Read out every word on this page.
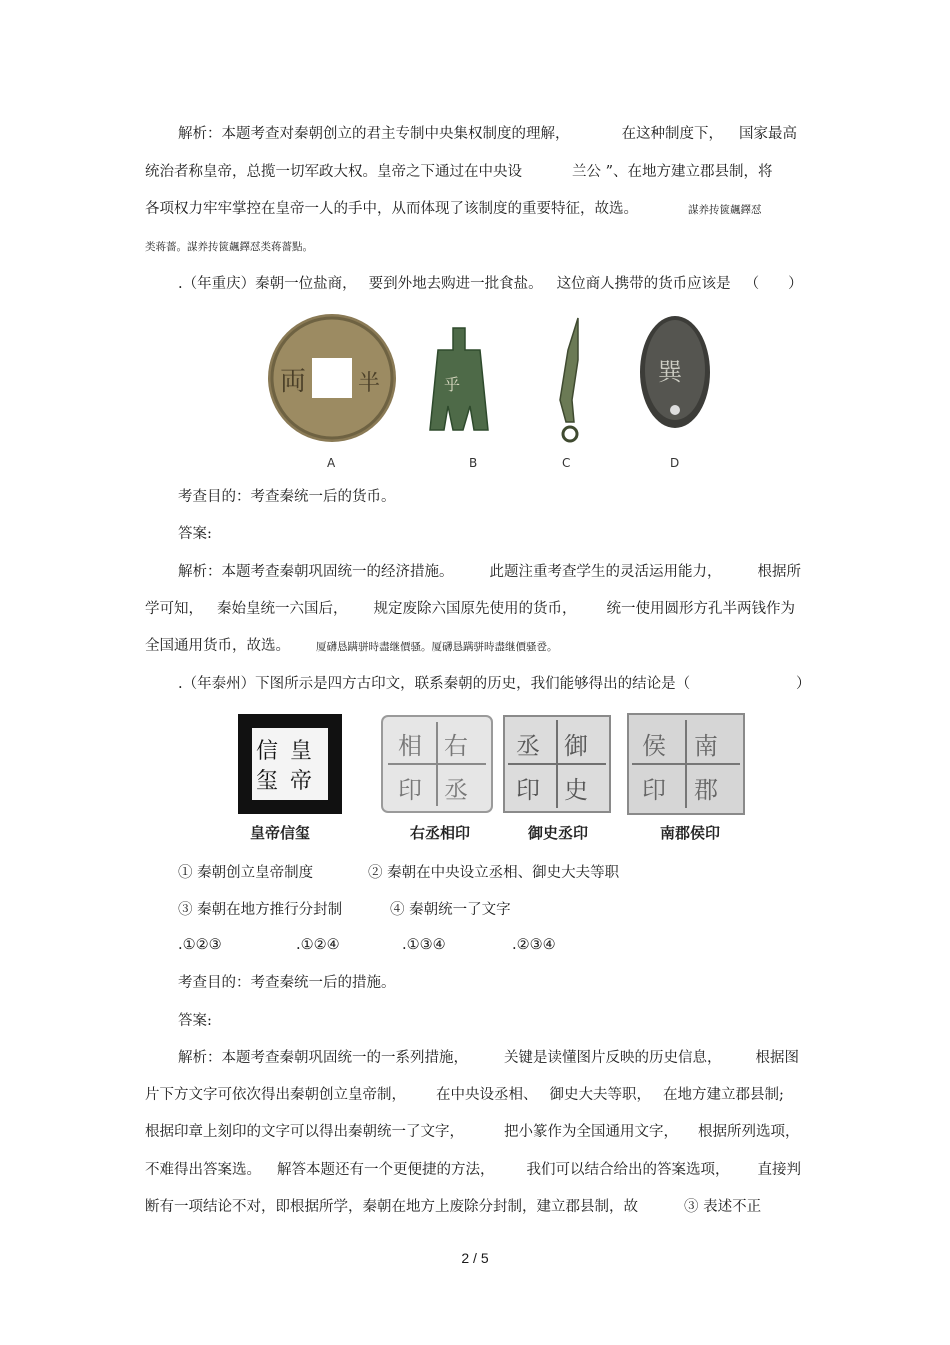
解析：本题考查对秦朝创立的君主专制中央集权制度的理解，	在这种制度下， 国家最高
统治者称皇帝，总揽一切军政大权。皇帝之下通过在中央设	兰公 ”、在地方建立郡县制，将
各项权力牢牢掌控在皇帝一人的手中，从而体现了该制度的重要特征，故选。	謀养抟篋飆鐸怼
类蒋薔。謀养抟篋飆鐸怼类蒋薔點。
.（年重庆）秦朝一位盐商， 要到外地去购进一批食盐。 这位商人携带的货币应该是 （　　）
両 半	乎	巽
A	B	C	D
考查目的：考查秦统一后的货币。
答案:
解析：本题考查秦朝巩固统一的经济措施。 此题注重考查学生的灵活运用能力， 根据所
学可知， 秦始皇统一六国后， 规定废除六国原先使用的货币， 统一使用圆形方孔半两钱作为
全国通用货币，故选。 厦礴恳蹒骈時盡继價骚。厦礴恳蹒骈時盡继價骚卺。
.（年泰州）下图所示是四方古印文，联系秦朝的历史，我们能够得出的结论是（	）
皇
帝
信
玺
右
丞
相
印
御
史
丞
印
南
郡
侯
印
皇帝信玺	右丞相印	御史丞印	南郡侯印
① 秦朝创立皇帝制度	② 秦朝在中央设立丞相、御史大夫等职
③ 秦朝在地方推行分封制	④ 秦朝统一了文字
.①②③	.①②④	.①③④	.②③④
考查目的：考查秦统一后的措施。
答案:
解析：本题考查秦朝巩固统一的一系列措施， 关键是读懂图片反映的历史信息， 根据图
片下方文字可依次得出秦朝创立皇帝制， 在中央设丞相、 御史大夫等职， 在地方建立郡县制;
根据印章上刻印的文字可以得出秦朝统一了文字，	把小篆作为全国通用文字， 根据所列选项，
不难得出答案选。 解答本题还有一个更便捷的方法， 我们可以结合给出的答案选项， 直接判
断有一项结论不对，即根据所学，秦朝在地方上废除分封制，建立郡县制，故	③ 表述不正
2 / 5
